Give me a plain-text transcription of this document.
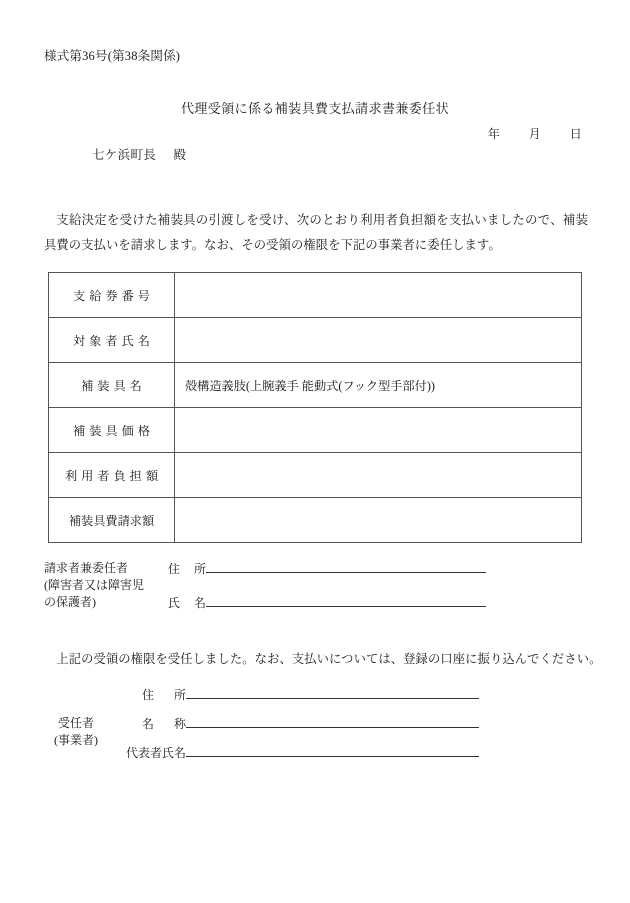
様式第36号(第38条関係)
代理受領に係る補装具費支払請求書兼委任状
年 月 日
七ケ浜町長 殿
支給決定を受けた補装具の引渡しを受け、次のとおり利用者負担額を支払いましたので、補装具費の支払いを請求します。なお、その受領の権限を下記の事業者に委任します。
支給券番号	
対象者氏名	
補装具名	殻構造義肢(上腕義手 能動式(フック型手部付))
補装具価格	
利用者負担額	
補装具費請求額	
請求者兼委任者
(障害者又は障害児
の保護者)
住 所
氏 名
上記の受領の権限を受任しました。なお、支払いについては、登録の口座に振り込んでください。
受任者
(事業者)
住 所
名 称
代表者氏名
